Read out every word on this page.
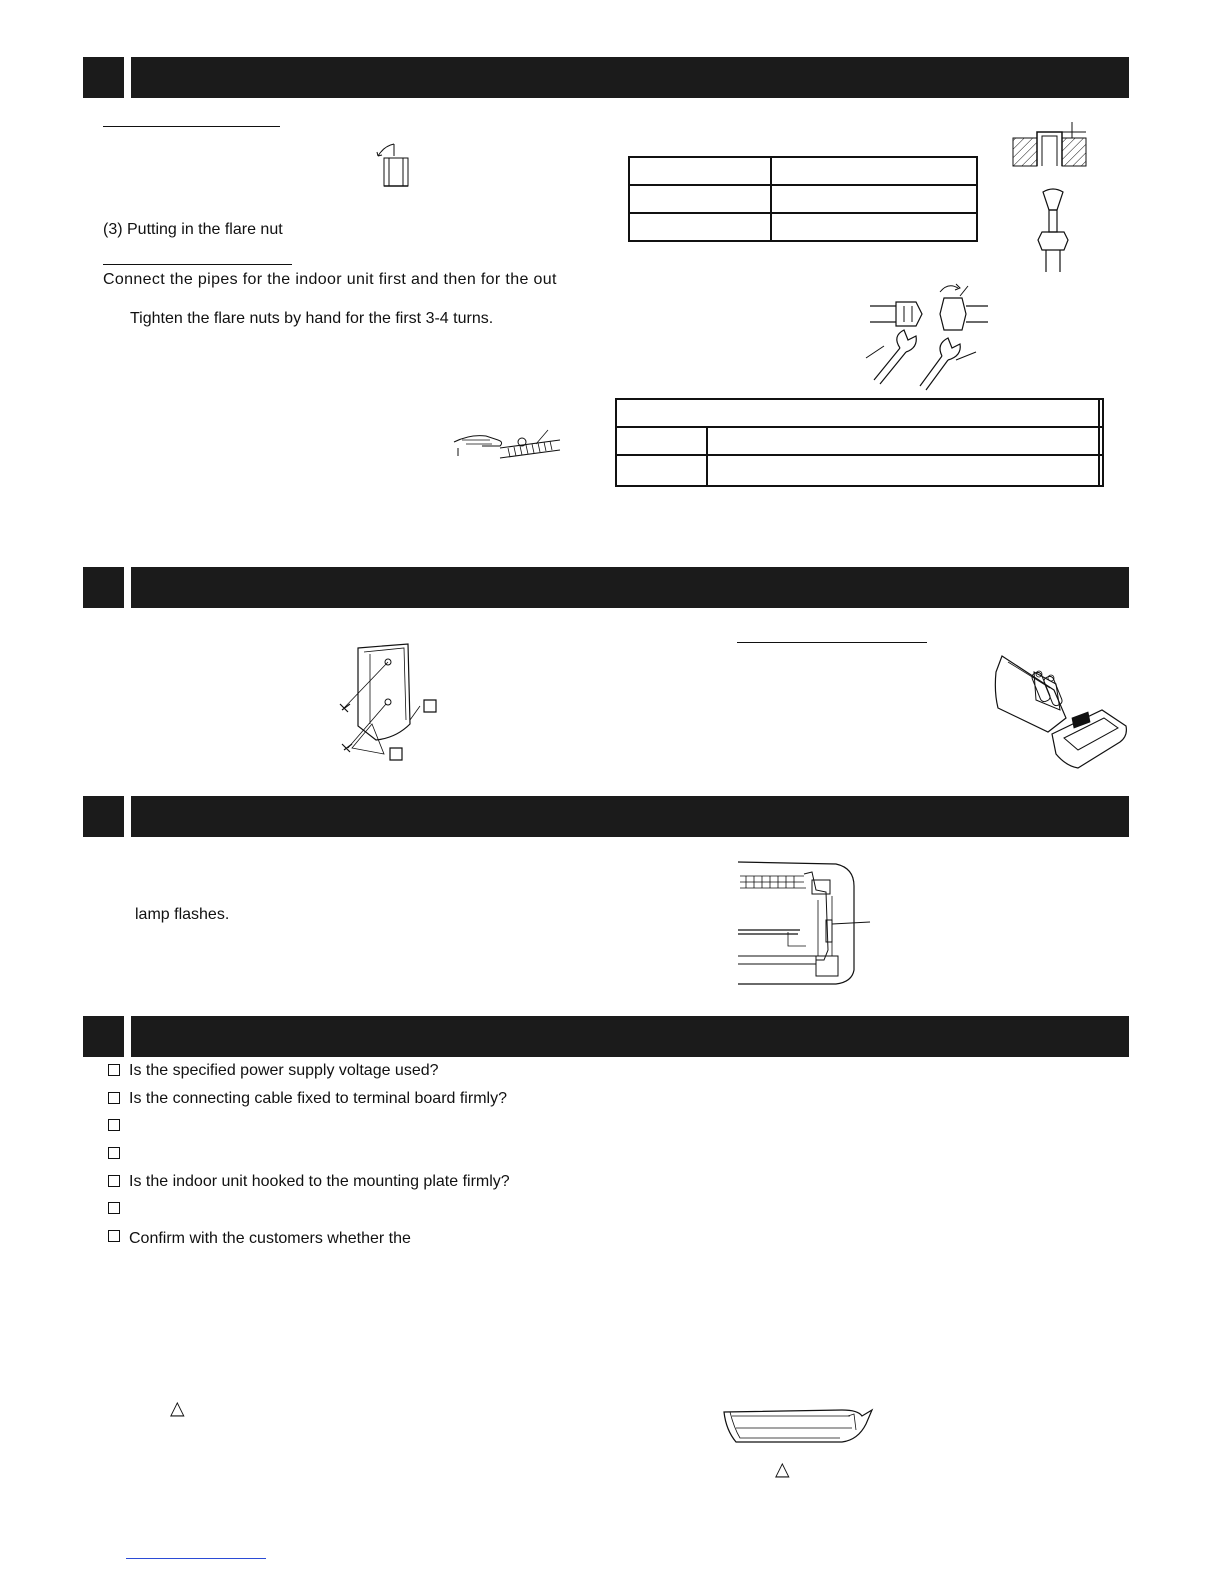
(3) Putting in the flare nut
Connect the pipes for the indoor unit first and then for the out
Tighten the flare nuts by hand for the first 3-4 turns.

lamp flashes.
Is the specified power supply voltage used?
Is the connecting cable fixed to terminal board firmly?
Is the indoor unit hooked to the mounting plate firmly?
Confirm with the customers whether the
△
△
